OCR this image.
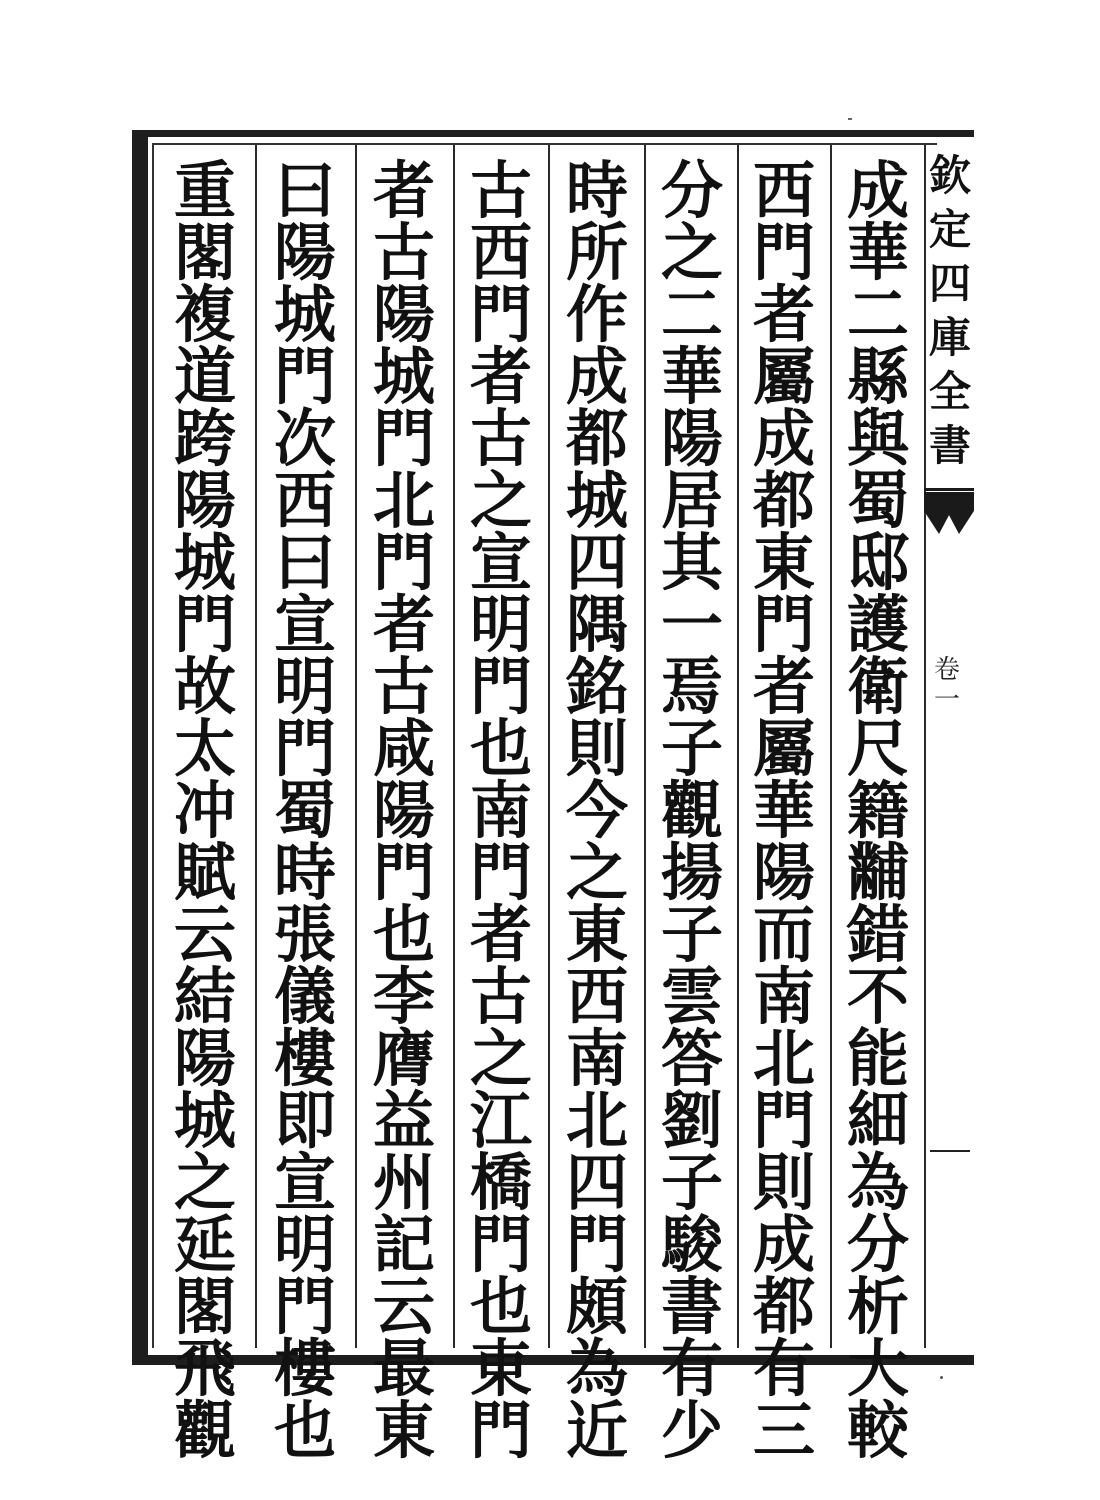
欽
定
四
庫
全
書
卷
一
成
華
二
縣
與
蜀
邸
護
衛
尺
籍
黼
錯
不
能
細
為
分
析
大
較
西
門
者
屬
成
都
東
門
者
屬
華
陽
而
南
北
門
則
成
都
有
三
分
之
二
華
陽
居
其
一
焉
子
觀
揚
子
雲
答
劉
子
駿
書
有
少
時
所
作
成
都
城
四
隅
銘
則
今
之
東
西
南
北
四
門
頗
為
近
古
西
門
者
古
之
宣
明
門
也
南
門
者
古
之
江
橋
門
也
東
門
者
古
陽
城
門
北
門
者
古
咸
陽
門
也
李
膺
益
州
記
云
最
東
曰
陽
城
門
次
西
曰
宣
明
門
蜀
時
張
儀
樓
即
宣
明
門
樓
也
重
閣
複
道
跨
陽
城
門
故
太
冲
賦
云
結
陽
城
之
延
閣
飛
觀
